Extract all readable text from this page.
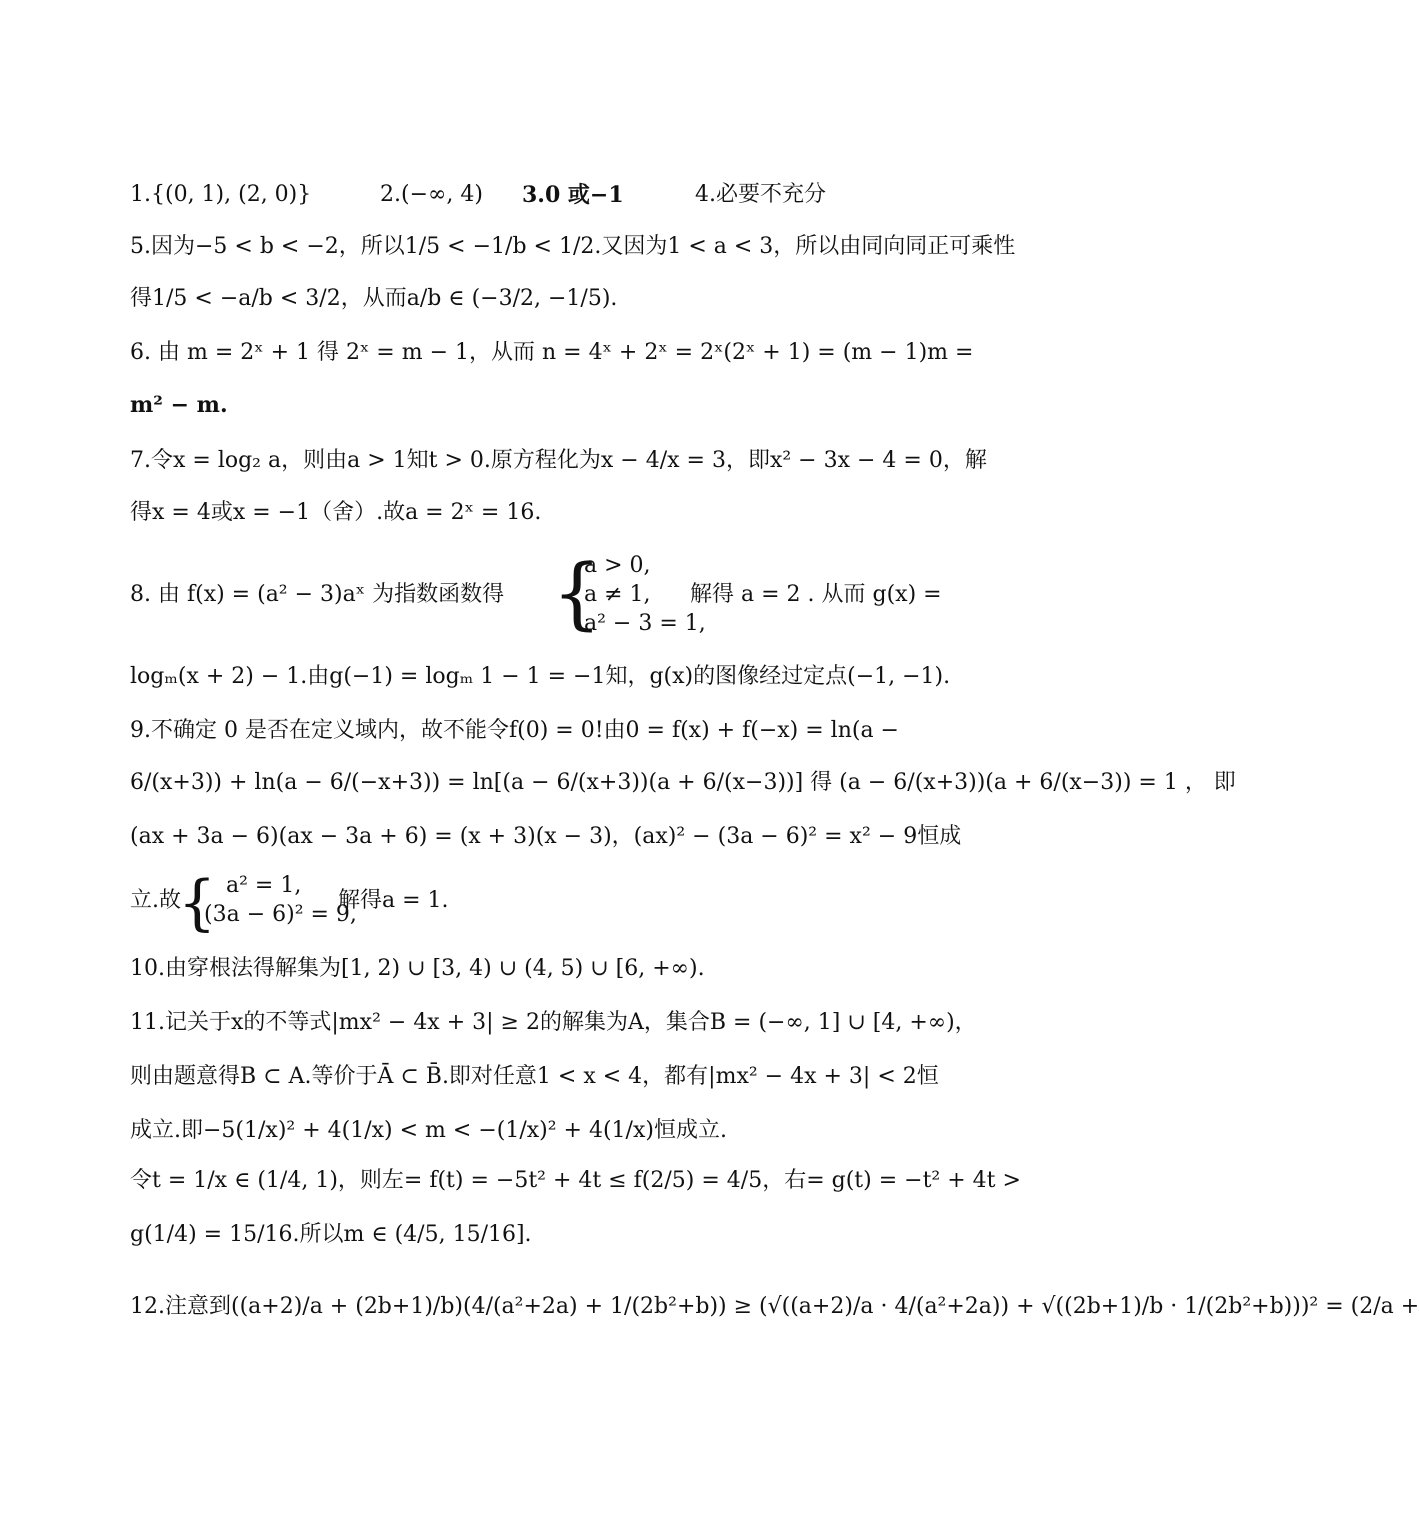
1.{(0, 1), (2, 0)}	2.(−∞, 4) 3.0 或−1	4.必要不充分
5.因为−5 < b < −2，所以1/5 < −1/b < 1/2.又因为1 < a < 3，所以由同向同正可乘性
得1/5 < −a/b < 3/2，从而a/b ∈ (−3/2, −1/5).
6. 由 m = 2ˣ + 1 得 2ˣ = m − 1，从而 n = 4ˣ + 2ˣ = 2ˣ(2ˣ + 1) = (m − 1)m =
m² − m.
7.令x = log₂ a，则由a > 1知t > 0.原方程化为x − 4/x = 3，即x² − 3x − 4 = 0，解
得x = 4或x = −1（舍）.故a = 2ˣ = 16.
8. 由 f(x) = (a² − 3)aˣ 为指数函数得 {
a > 0,
a ≠ 1,
a² − 3 = 1,
解得 a = 2 . 从而 g(x) =
logₘ(x + 2) − 1.由g(−1) = logₘ 1 − 1 = −1知，g(x)的图像经过定点(−1, −1).
9.不确定 0 是否在定义域内，故不能令f(0) = 0!由0 = f(x) + f(−x) = ln(a −
6/(x+3)) + ln(a − 6/(−x+3)) = ln[(a − 6/(x+3))(a + 6/(x−3))] 得 (a − 6/(x+3))(a + 6/(x−3)) = 1 ， 即
(ax + 3a − 6)(ax − 3a + 6) = (x + 3)(x − 3)，(ax)² − (3a − 6)² = x² − 9恒成
立.故
{ a² = 1,
(3a − 6)² = 9,
解得a = 1.
10.由穿根法得解集为[1, 2) ∪ [3, 4) ∪ (4, 5) ∪ [6, +∞).
11.记关于x的不等式|mx² − 4x + 3| ≥ 2的解集为A，集合B = (−∞, 1] ∪ [4, +∞)，
则由题意得B ⊂ A.等价于Ā ⊂ B̄.即对任意1 < x < 4，都有|mx² − 4x + 3| < 2恒
成立.即−5(1/x)² + 4(1/x) < m < −(1/x)² + 4(1/x)恒成立.
令t = 1/x ∈ (1/4, 1)，则左= f(t) = −5t² + 4t ≤ f(2/5) = 4/5，右= g(t) = −t² + 4t >
g(1/4) = 15/16.所以m ∈ (4/5, 15/16].
12.注意到((a+2)/a + (2b+1)/b)(4/(a²+2a) + 1/(2b²+b)) ≥ (√((a+2)/a · 4/(a²+2a)) + √((2b+1)/b · 1/(2b²+b)))² = (2/a +
